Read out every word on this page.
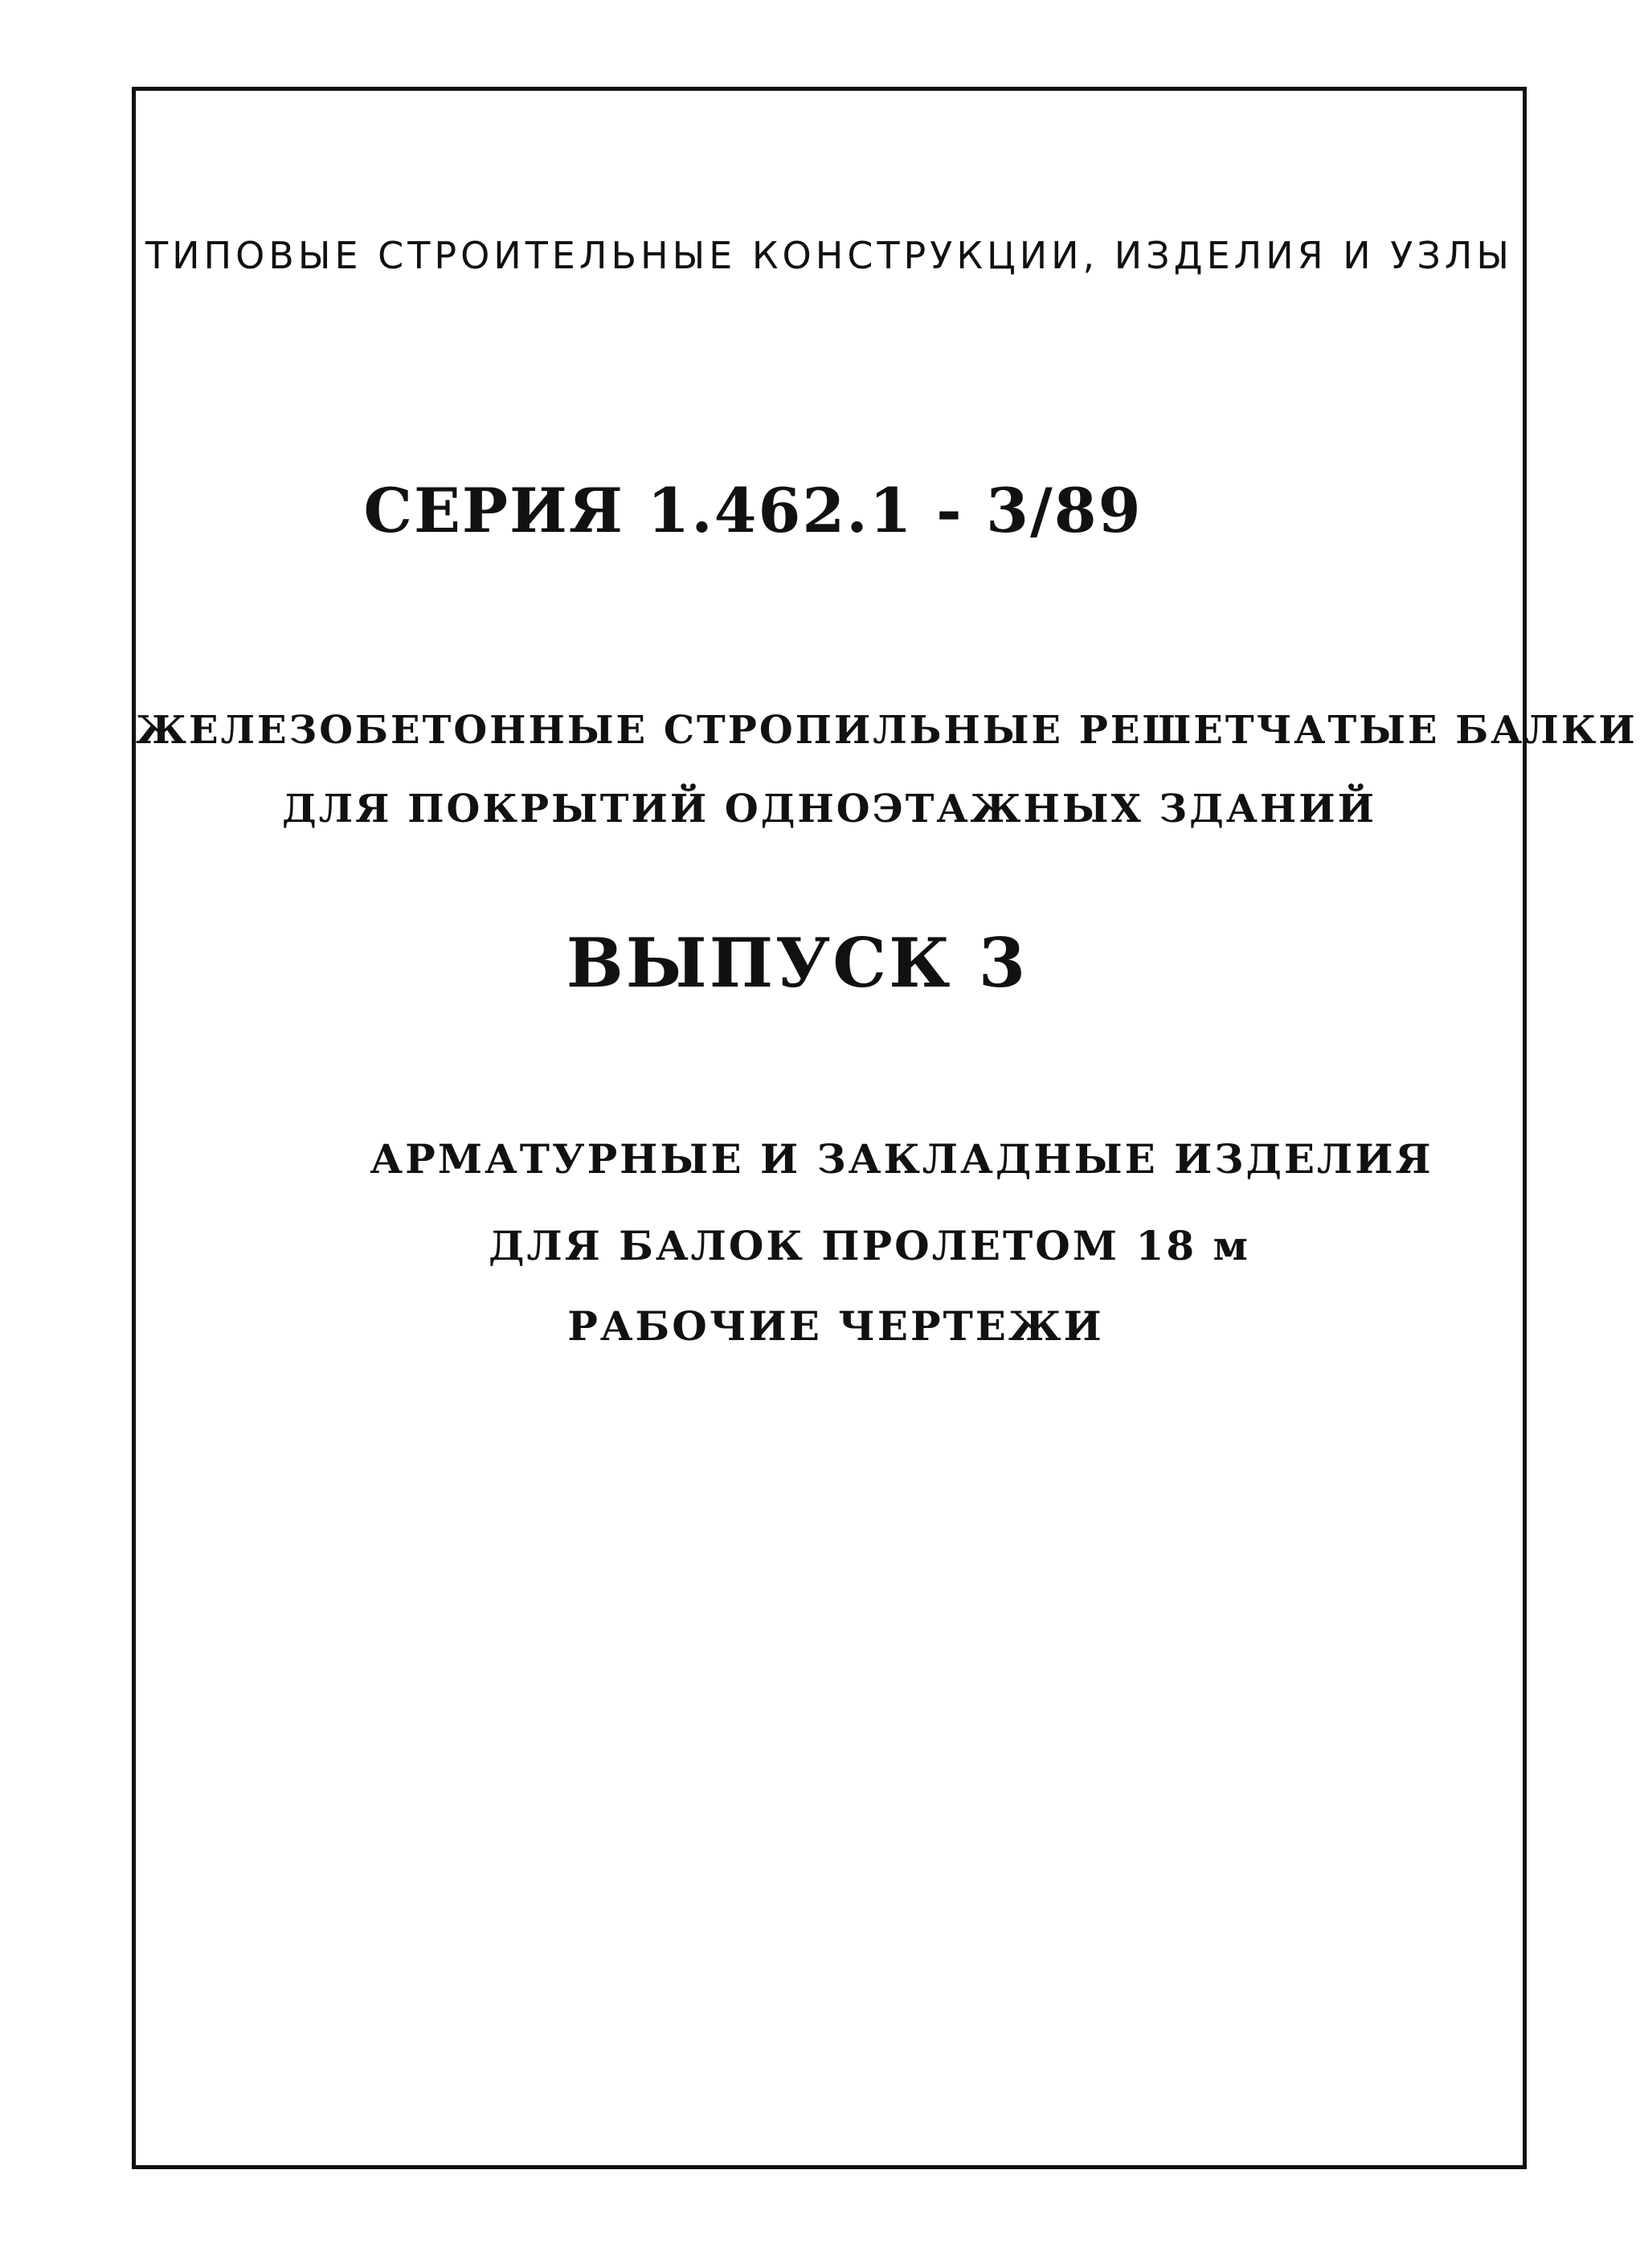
ТИПОВЫЕ СТРОИТЕЛЬНЫЕ КОНСТРУКЦИИ, ИЗДЕЛИЯ И УЗЛЫ

СЕРИЯ 1.462.1 - 3/89

ЖЕЛЕЗОБЕТОННЫЕ СТРОПИЛЬНЫЕ РЕШЕТЧАТЫЕ БАЛКИ

ДЛЯ ПОКРЫТИЙ ОДНОЭТАЖНЫХ ЗДАНИЙ

ВЫПУСК 3

АРМАТУРНЫЕ И ЗАКЛАДНЫЕ ИЗДЕЛИЯ

ДЛЯ БАЛОК ПРОЛЕТОМ 18 м

РАБОЧИЕ ЧЕРТЕЖИ
